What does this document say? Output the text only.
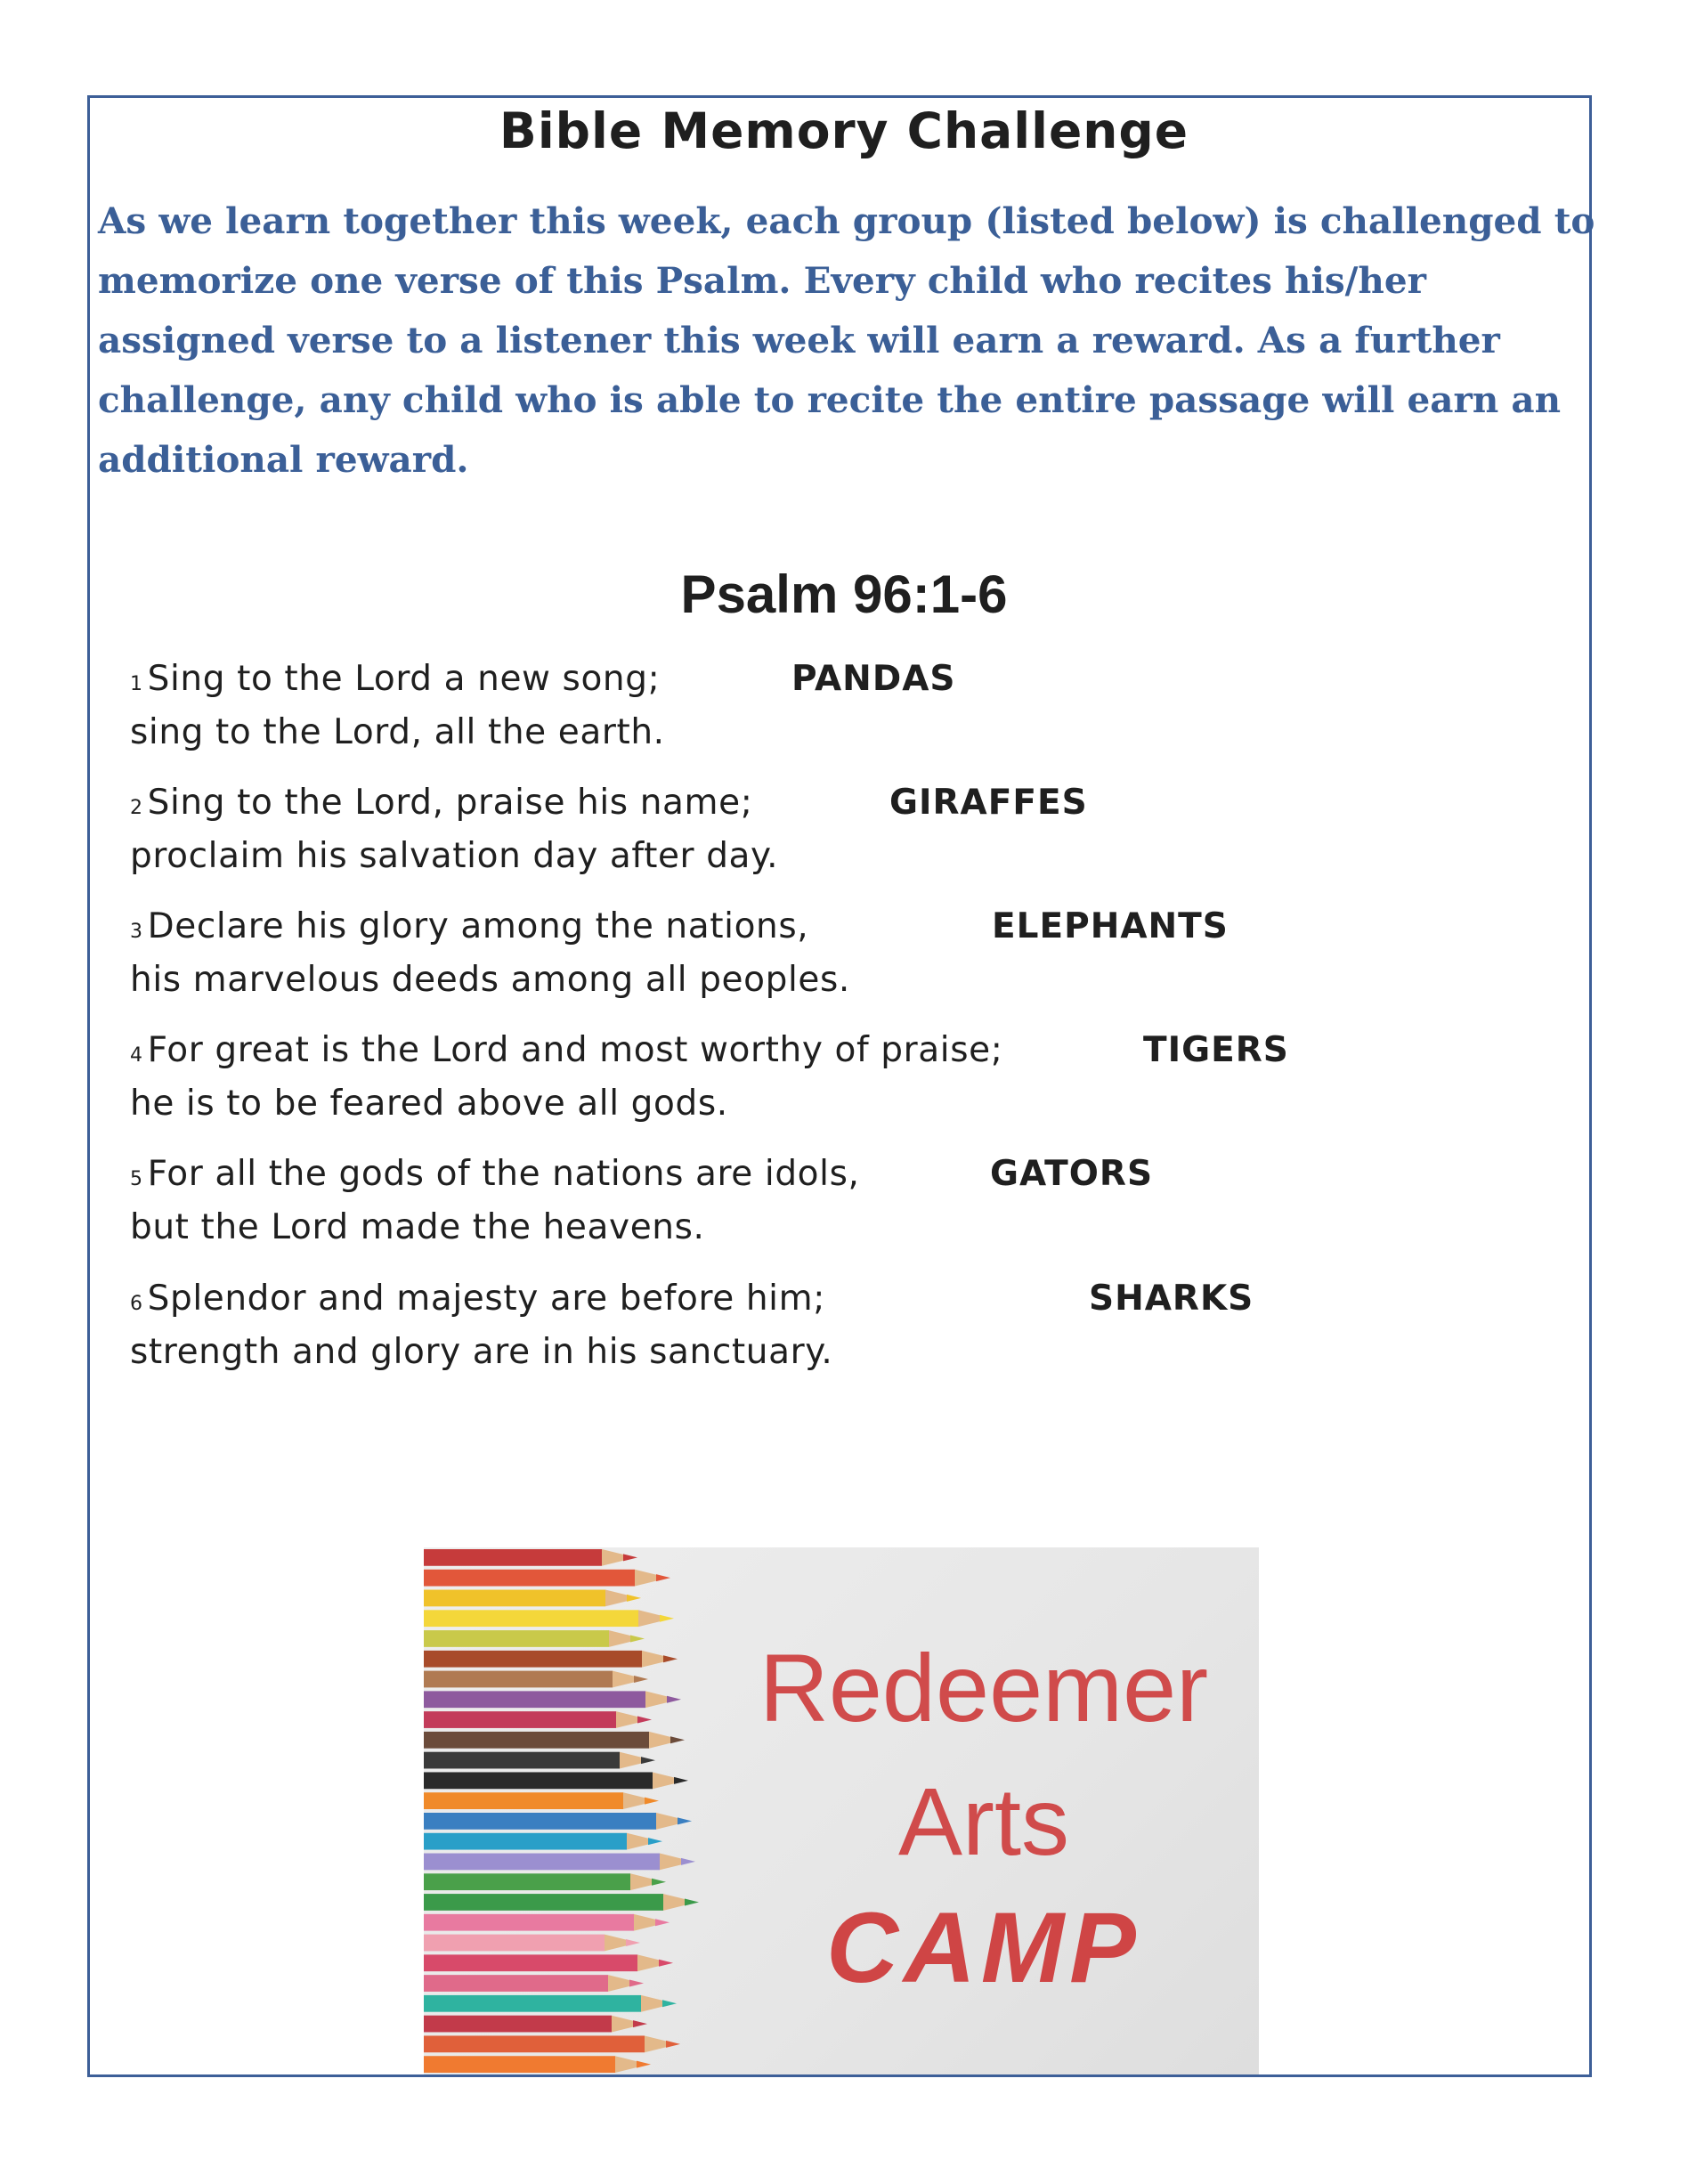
Bible Memory Challenge
As we learn together this week, each group (listed below) is challenged to
memorize one verse of this Psalm. Every child who recites his/her
assigned verse to a listener this week will earn a reward. As a further
challenge, any child who is able to recite the entire passage will earn an
additional reward.
Psalm 96:1-6
1 Sing to the Lord a new song;
sing to the Lord, all the earth.
PANDAS
2 Sing to the Lord, praise his name;
proclaim his salvation day after day.
GIRAFFES
3 Declare his glory among the nations,
his marvelous deeds among all peoples.
ELEPHANTS
4 For great is the Lord and most worthy of praise;
he is to be feared above all gods.
TIGERS
5 For all the gods of the nations are idols,
but the Lord made the heavens.
GATORS
6 Splendor and majesty are before him;
strength and glory are in his sanctuary.
SHARKS
Redeemer
Arts
CAMP
